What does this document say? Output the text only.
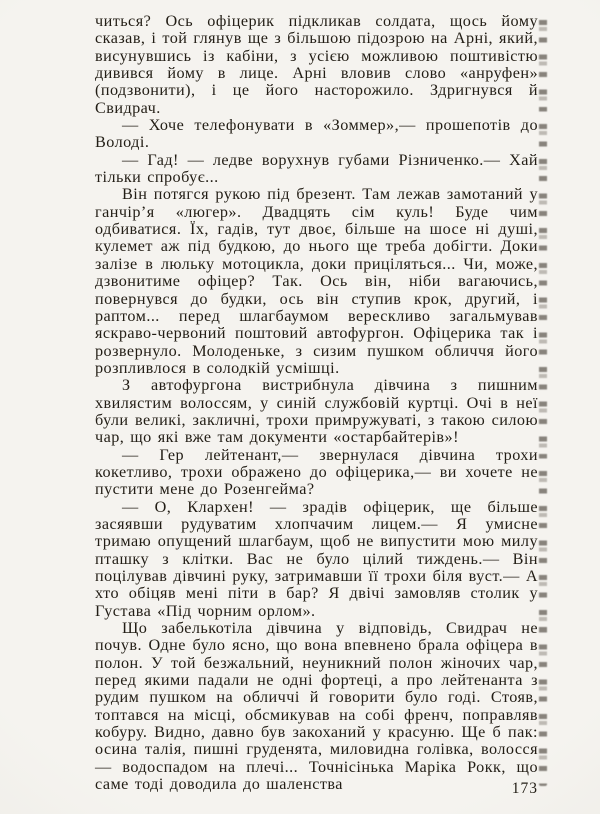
читься? Ось офіцерик підкликав солдата, щось йому сказав, і той глянув ще з більшою підозрою на Арні, який, висунувшись із кабіни, з усією можливою поштивістю дивився йому в лице. Арні вловив слово «анруфен» (подзвонити), і це його насторожило. Здригнувся й Свидрач.

— Хоче телефонувати в «Зоммер»,— прошепотів до Володі.

— Гад! — ледве ворухнув губами Різниченко.— Хай тільки спробує...

Він потягся рукою під брезент. Там лежав замотаний у ганчір’я «люгер». Двадцять сім куль! Буде чим одбиватися. Їх, гадів, тут двоє, більше на шосе ні душі, кулемет аж під будкою, до нього ще треба добігти. Доки залізе в люльку мотоцикла, доки приціляться... Чи, може, дзвонитиме офіцер? Так. Ось він, ніби вагаючись, повернувся до будки, ось він ступив крок, другий, і раптом... перед шлагбаумом верескливо загальмував яскраво-червоний поштовий автофургон. Офіцерика так і розвернуло. Молоденьке, з сизим пушком обличчя його розпливлося в солодкій усмішці.

З автофургона вистрибнула дівчина з пишним хвилястим волоссям, у синій службовій куртці. Очі в неї були великі, закличні, трохи примружуваті, з такою силою чар, що які вже там документи «остарбайтерів»!

— Гер лейтенант,— звернулася дівчина трохи кокетливо, трохи ображено до офіцерика,— ви хочете не пустити мене до Розенгейма?

— О, Клархен! — зрадів офіцерик, ще більше засяявши рудуватим хлопчачим лицем.— Я умисне тримаю опущений шлагбаум, щоб не випустити мою милу пташку з клітки. Вас не було цілий тиждень.— Він поцілував дівчині руку, затримавши її трохи біля вуст.— А хто обіцяв мені піти в бар? Я двічі замовляв столик у Густава «Під чорним орлом».

Що забелькотіла дівчина у відповідь, Свидрач не почув. Одне було ясно, що вона впевнено брала офіцера в полон. У той безжальний, неуникний полон жіночих чар, перед якими падали не одні фортеці, а про лейтенанта з рудим пушком на обличчі й говорити було годі. Стояв, топтався на місці, обсмикував на собі френч, поправляв кобуру. Видно, давно був закоханий у красуню. Ще б пак: осина талія, пишні груденята, миловидна голівка, волосся — водоспадом на плечі... Точнісінька Маріка Рокк, що саме тоді доводила до шаленства	173
